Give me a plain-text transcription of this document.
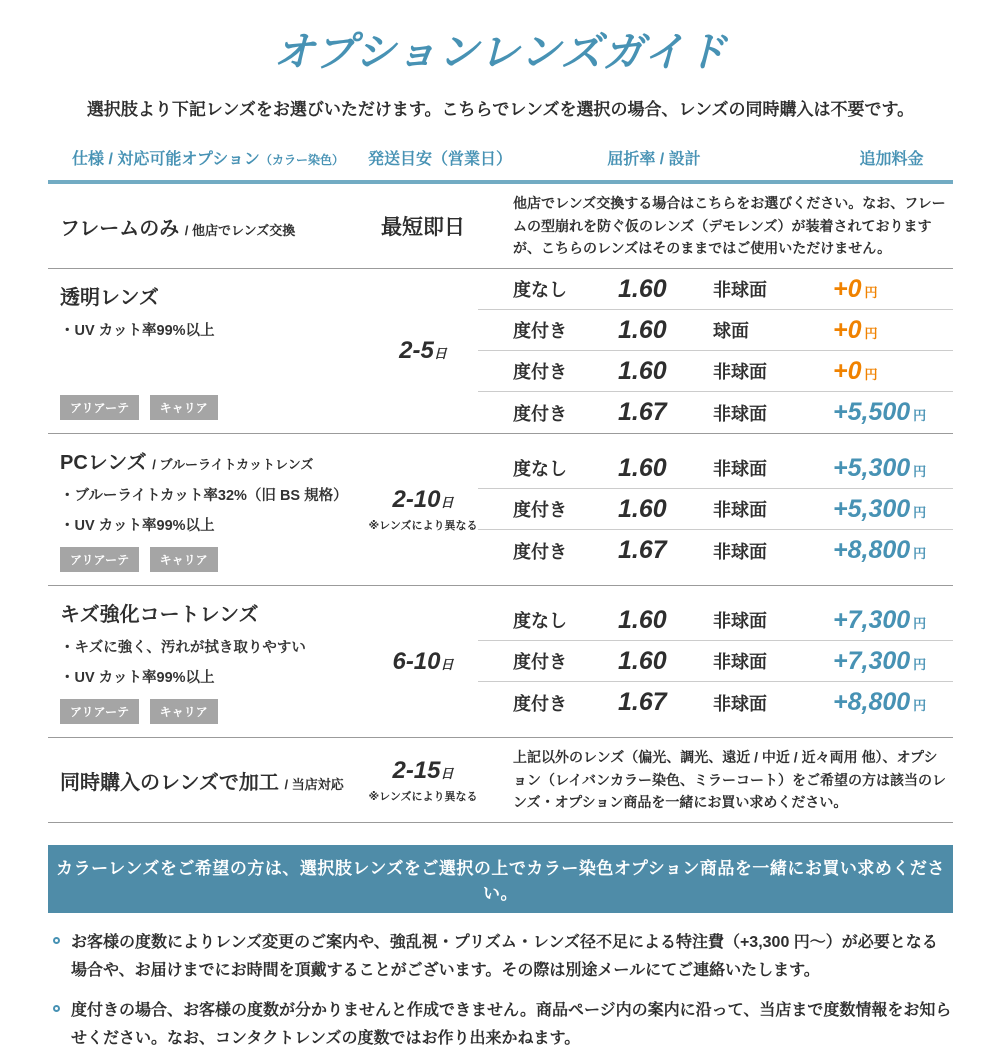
オプションレンズガイド
選択肢より下記レンズをお選びいただけます。こちらでレンズを選択の場合、レンズの同時購入は不要です。
仕様 / 対応可能オプション（カラー染色）	発送目安（営業日）	屈折率 / 設計	追加料金
フレームのみ / 他店でレンズ交換	最短即日
他店でレンズ交換する場合はこちらをお選びください。なお、フレームの型崩れを防ぐ仮のレンズ（デモレンズ）が装着されておりますが、こちらのレンズはそのままではご使用いただけません。
透明レンズ
・UV カット率99%以上
アリアーテ	キャリア
2-5日
度なし	1.60	非球面	+0 円
度付き	1.60	球面	+0 円
度付き	1.60	非球面	+0 円
度付き	1.67	非球面	+5,500 円
PCレンズ / ブルーライトカットレンズ
・ブルーライトカット率32%（旧 BS 規格）
・UV カット率99%以上
アリアーテ	キャリア
2-10日
※レンズにより異なる
度なし	1.60	非球面	+5,300 円
度付き	1.60	非球面	+5,300 円
度付き	1.67	非球面	+8,800 円
キズ強化コートレンズ
・キズに強く、汚れが拭き取りやすい
・UV カット率99%以上
アリアーテ	キャリア
6-10日
度なし	1.60	非球面	+7,300 円
度付き	1.60	非球面	+7,300 円
度付き	1.67	非球面	+8,800 円
同時購入のレンズで加工 / 当店対応
2-15日
※レンズにより異なる
上記以外のレンズ（偏光、調光、遠近 / 中近 / 近々両用 他）、オプション（レイバンカラー染色、ミラーコート）をご希望の方は該当のレンズ・オプション商品を一緒にお買い求めください。
カラーレンズをご希望の方は、選択肢レンズをご選択の上でカラー染色オプション商品を一緒にお買い求めください。
お客様の度数によりレンズ変更のご案内や、強乱視・プリズム・レンズ径不足による特注費（+3,300 円〜）が必要となる場合や、お届けまでにお時間を頂戴することがございます。その際は別途メールにてご連絡いたします。
度付きの場合、お客様の度数が分かりませんと作成できません。商品ページ内の案内に沿って、当店まで度数情報をお知らせください。なお、コンタクトレンズの度数ではお作り出来かねます。
